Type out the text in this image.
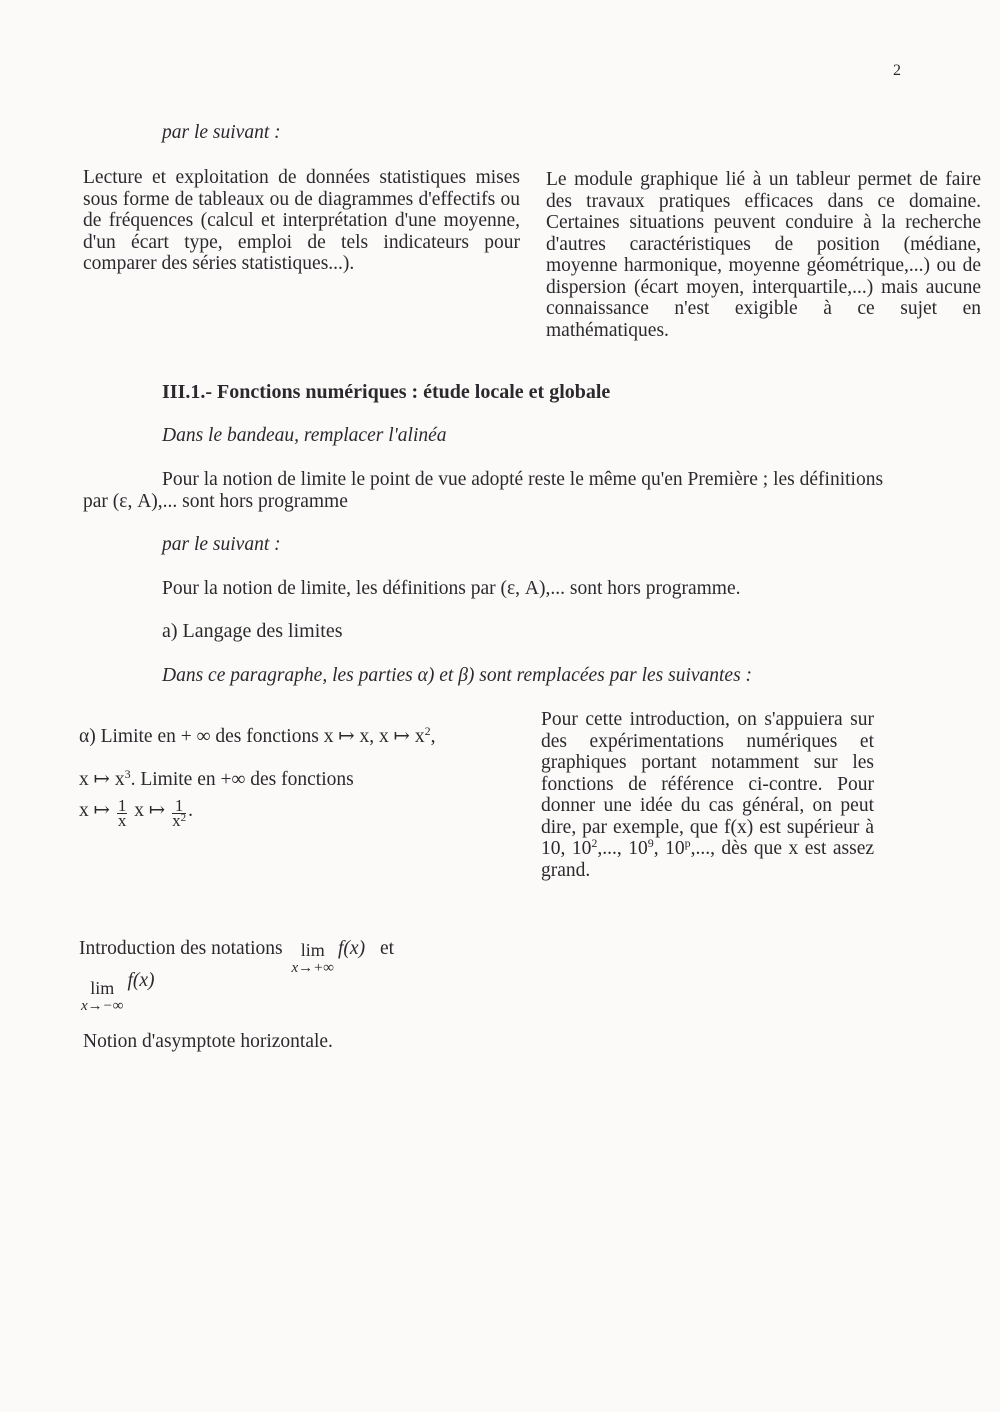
2
par le suivant :
Lecture et exploitation de données statistiques mises sous forme de tableaux ou de diagrammes d'effectifs ou de fréquences (calcul et interprétation d'une moyenne, d'un écart type, emploi de tels indicateurs pour comparer des séries statistiques...).
Le module graphique lié à un tableur permet de faire des travaux pratiques efficaces dans ce domaine. Certaines situations peuvent conduire à la recherche d'autres caractéristiques de position (médiane, moyenne harmonique, moyenne géométrique,...) ou de dispersion (écart moyen, interquartile,...) mais aucune connaissance n'est exigible à ce sujet en mathématiques.
III.1.- Fonctions numériques : étude locale et globale
Dans le bandeau, remplacer l'alinéa
Pour la notion de limite le point de vue adopté reste le même qu'en Première ; les définitions par (ε, A),... sont hors programme
par le suivant :
Pour la notion de limite, les définitions par (ε, A),... sont hors programme.
a) Langage des limites
Dans ce paragraphe, les parties α) et β) sont remplacées par les suivantes :
α) Limite en + ∞ des fonctions x ↦ x, x ↦ $x^2$,
x ↦ $x^3$. Limite en +∞ des fonctions
x ↦ $\frac{1}{x}$ x ↦ $\frac{1}{x^2}$ .
Pour cette introduction, on s'appuiera sur des expérimentations numériques et graphiques portant notamment sur les fonctions de référence ci-contre. Pour donner une idée du cas général, on peut dire, par exemple, que f(x) est supérieur à 10, $10^2$,..., $10^9$, 10$^p$,..., dès que x est assez grand.
Introduction des notations	lim
x→+∞
f(x) et
lim
x→−∞
f(x)
Notion d'asymptote horizontale.
